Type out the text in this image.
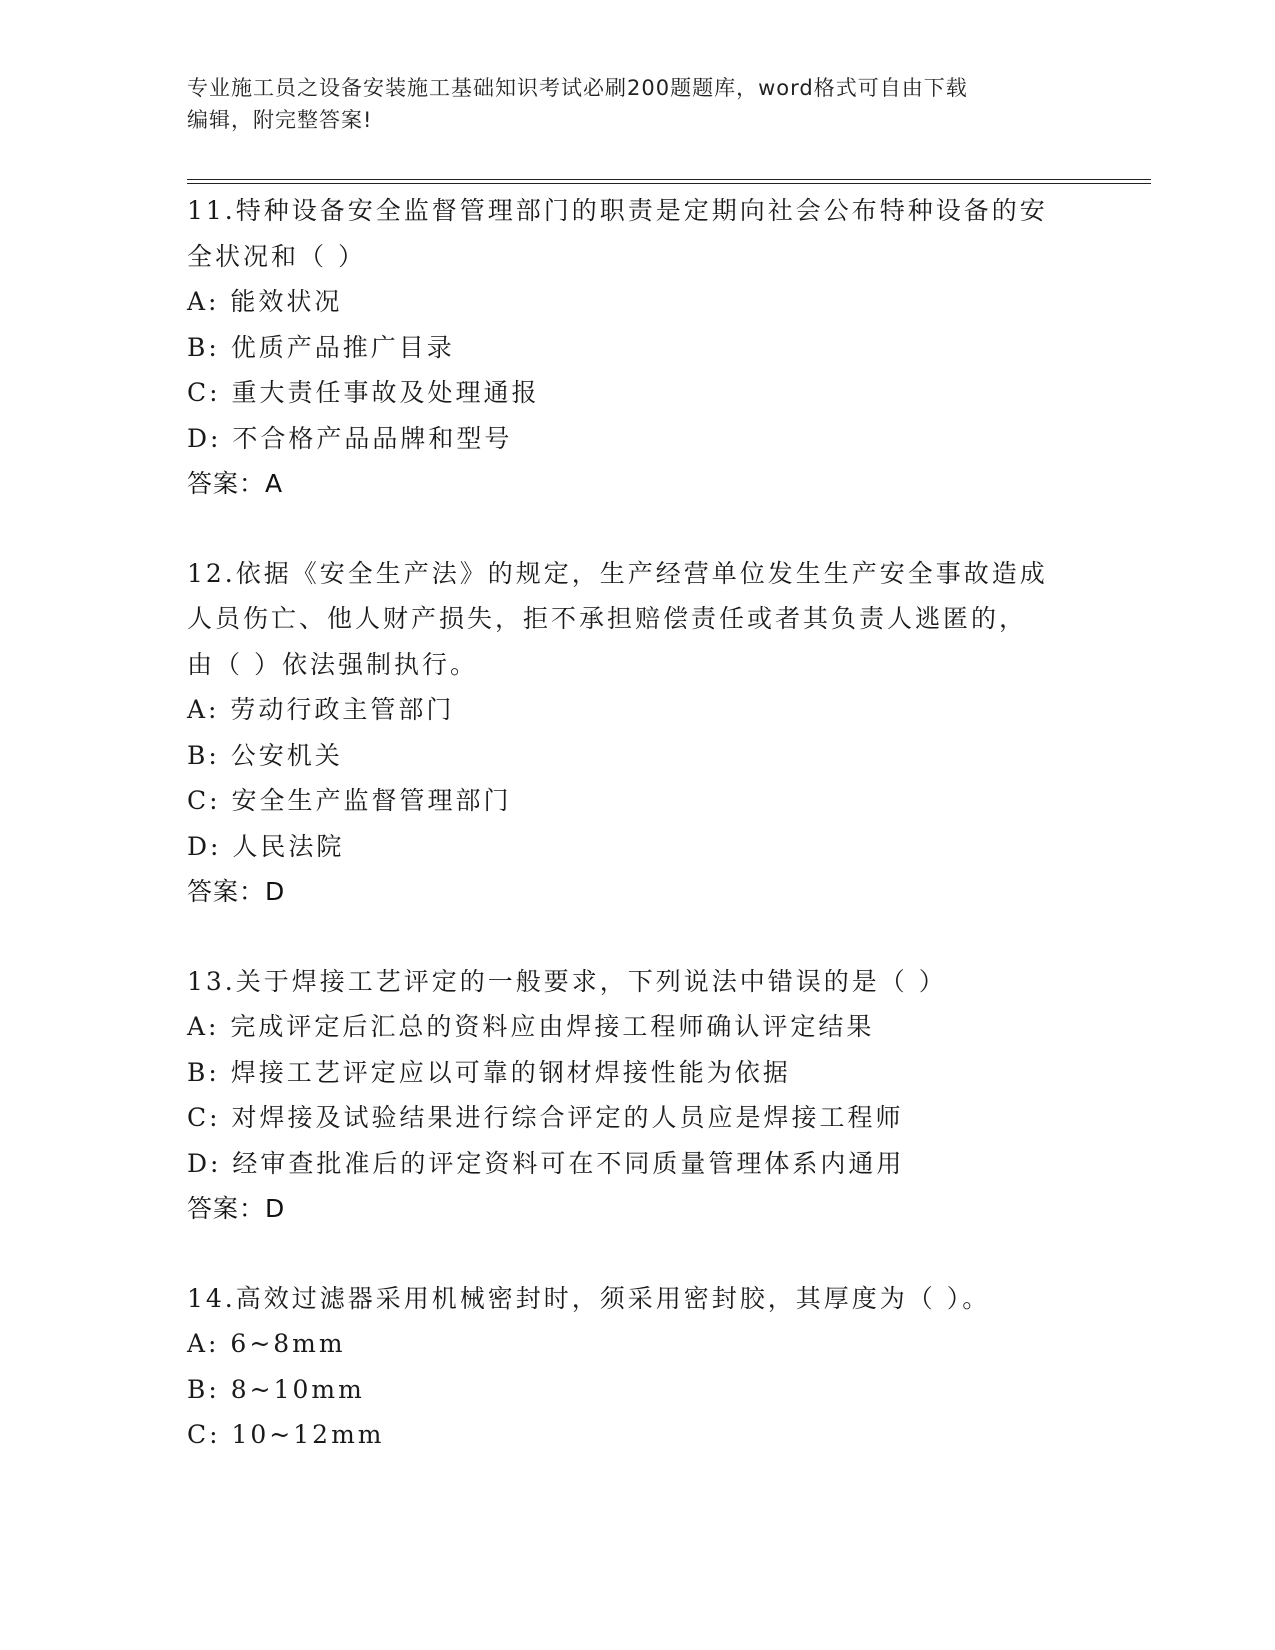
专业施工员之设备安装施工基础知识考试必刷200题题库，word格式可自由下载
编辑，附完整答案!
11.特种设备安全监督管理部门的职责是定期向社会公布特种设备的安
全状况和（ ）
A: 能效状况
B: 优质产品推广目录
C: 重大责任事故及处理通报
D: 不合格产品品牌和型号
答案：A
12.依据《安全生产法》的规定，生产经营单位发生生产安全事故造成
人员伤亡、他人财产损失，拒不承担赔偿责任或者其负责人逃匿的，
由（ ）依法强制执行。
A: 劳动行政主管部门
B: 公安机关
C: 安全生产监督管理部门
D: 人民法院
答案：D
13.关于焊接工艺评定的一般要求，下列说法中错误的是（ ）
A: 完成评定后汇总的资料应由焊接工程师确认评定结果
B: 焊接工艺评定应以可靠的钢材焊接性能为依据
C: 对焊接及试验结果进行综合评定的人员应是焊接工程师
D: 经审查批准后的评定资料可在不同质量管理体系内通用
答案：D
14.高效过滤器采用机械密封时，须采用密封胶，其厚度为（ ）。
A: 6~8mm
B: 8~10mm
C: 10~12mm
